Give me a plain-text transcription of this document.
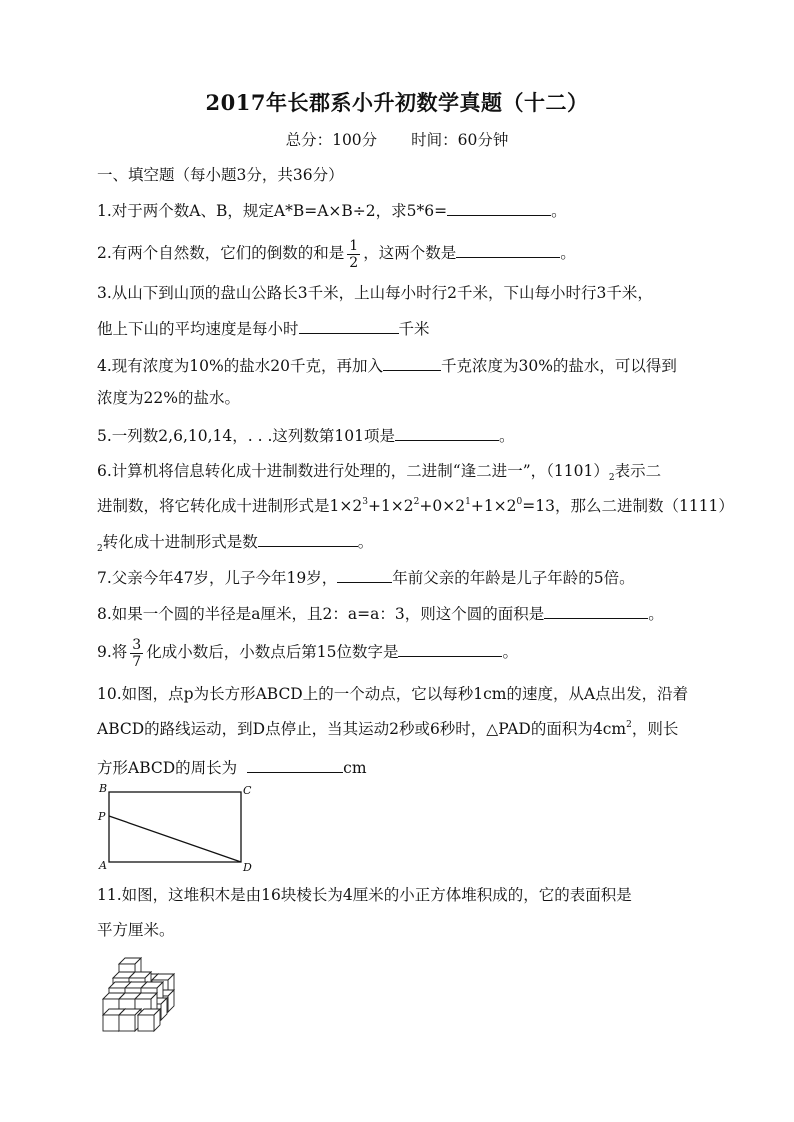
2017年长郡系小升初数学真题（十二）
总分：100分 时间：60分钟
一、填空题（每小题3分，共36分）
1.对于两个数A、B，规定A*B=A×B÷2，求5*6=	。
2.有两个自然数，它们的倒数的和是 $\frac{1}{2}$ ，这两个数是	。
3.从山下到山顶的盘山公路长3千米，上山每小时行2千米，下山每小时行3千米，
他上下山的平均速度是每小时	千米
4.现有浓度为10%的盐水20千克，再加入	千克浓度为30%的盐水，可以得到
浓度为22%的盐水。
5.一列数2,6,10,14，. . .这列数第101项是	。
6.计算机将信息转化成十进制数进行处理的，二进制“逢二进一”，$(1101)_2$表示二
进制数，将它转化成十进制形式是$1\times 2^3+1\times 2^2+0\times 2^1+1\times 2^0=13$，那么二进制数（1111）
$_2$转化成十进制形式是数	。
7.父亲今年47岁，儿子今年19岁，	年前父亲的年龄是儿子年龄的5倍。
8.如果一个圆的半径是a厘米，且2：a=a：3，则这个圆的面积是	。
9.将 $\frac{3}{7}$ 化成小数后，小数点后第15位数字是	。
10.如图，点p为长方形ABCD上的一个动点，它以每秒1cm的速度，从A点出发，沿着
ABCD的路线运动，到D点停止，当其运动2秒或6秒时，△PAD的面积为$4cm^2$，则长
方形ABCD的周长为	cm
B	C
P
A	D
11.如图，这堆积木是由16块棱长为4厘米的小正方体堆积成的，它的表面积是
平方厘米。
